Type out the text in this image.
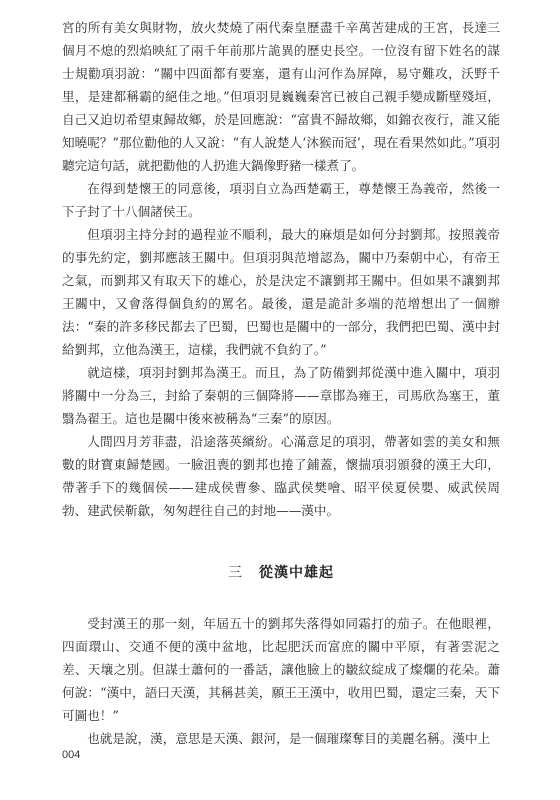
宮的所有美女與財物，放火焚燒了兩代秦皇歷盡千辛萬苦建成的王宮，長達三個月不熄的烈焰映紅了兩千年前那片詭異的歷史長空。一位沒有留下姓名的謀士規勸項羽說：“關中四面都有要塞，還有山河作為屏障，易守難攻，沃野千里，是建都稱霸的絕佳之地。”但項羽見巍巍秦宮已被自己親手變成斷壁殘垣，自己又迫切希望東歸故鄉，於是回應說：“富貴不歸故鄉，如錦衣夜行，誰又能知曉呢？”那位勸他的人又說：“有人說楚人‘沐猴而冠’，現在看果然如此。”項羽聽完這句話，就把勸他的人扔進大鍋像野豬一樣煮了。

在得到楚懷王的同意後，項羽自立為西楚霸王，尊楚懷王為義帝，然後一下子封了十八個諸侯王。

但項羽主持分封的過程並不順利，最大的麻煩是如何分封劉邦。按照義帝的事先約定，劉邦應該王關中。但項羽與范增認為，關中乃秦朝中心，有帝王之氣，而劉邦又有取天下的雄心，於是決定不讓劉邦王關中。但如果不讓劉邦王關中，又會落得個負約的罵名。最後，還是詭計多端的范增想出了一個辦法：“秦的許多移民都去了巴蜀，巴蜀也是關中的一部分，我們把巴蜀、漢中封給劉邦，立他為漢王，這樣，我們就不負約了。”

就這樣，項羽封劉邦為漢王。而且，為了防備劉邦從漢中進入關中，項羽將關中一分為三，封給了秦朝的三個降將——章邯為雍王，司馬欣為塞王，董翳為翟王。這也是關中後來被稱為“三秦”的原因。

人間四月芳菲盡，沿途落英繽紛。心滿意足的項羽，帶著如雲的美女和無數的財寶東歸楚國。一臉沮喪的劉邦也捲了鋪蓋，懷揣項羽頒發的漢王大印，帶著手下的幾個侯——建成侯曹參、臨武侯樊噲、昭平侯夏侯嬰、威武侯周勃、建武侯靳歙，匆匆趕往自己的封地——漢中。

三 從漢中雄起

受封漢王的那一刻，年屆五十的劉邦失落得如同霜打的茄子。在他眼裡，四面環山、交通不便的漢中盆地，比起肥沃而富庶的關中平原，有著雲泥之差、天壤之別。但謀士蕭何的一番話，讓他臉上的皺紋綻成了燦爛的花朵。蕭何說：“漢中，語曰天漢，其稱甚美，願王王漢中，收用巴蜀，還定三秦，天下可圖也！”

也就是說，漢，意思是天漢、銀河，是一個璀璨奪目的美麗名稱。漢中上

004
